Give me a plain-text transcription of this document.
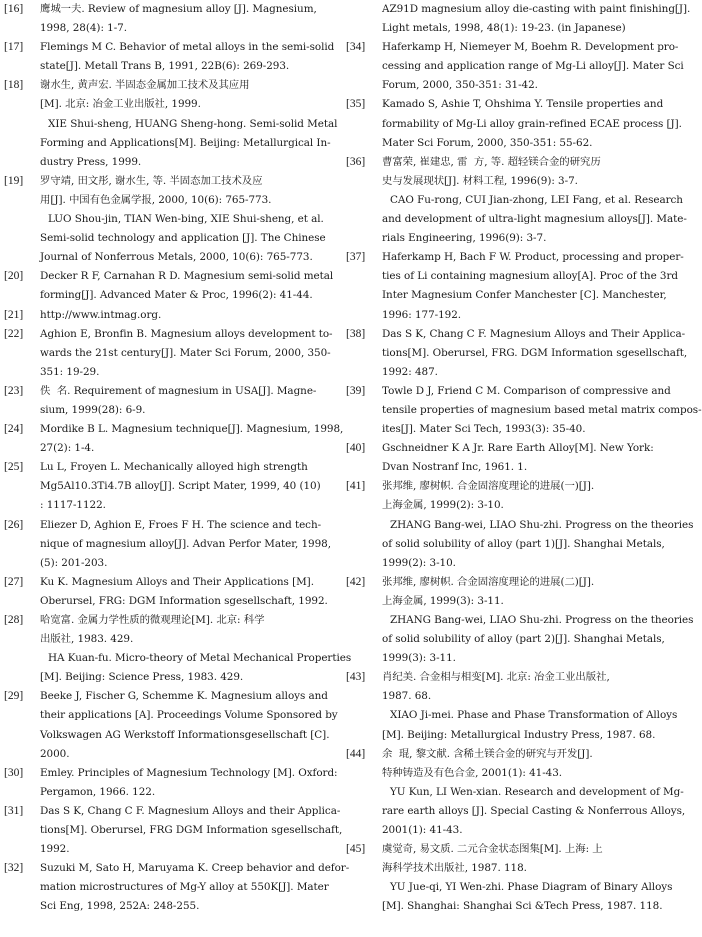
[16]	鹰城一夫. Review of magnesium alloy [J]. Magnesium,
1998, 28(4): 1-7.
[17]	Flemings M C. Behavior of metal alloys in the semi-solid
state[J]. Metall Trans B, 1991, 22B(6): 269-293.
[18]	谢水生, 黄声宏. 半固态金属加工技术及其应用
[M]. 北京: 冶金工业出版社, 1999.
XIE Shui-sheng, HUANG Sheng-hong. Semi-solid Metal
Forming and Applications[M]. Beijing: Metallurgical In-
dustry Press, 1999.
[19]	罗守靖, 田文彤, 谢水生, 等. 半固态加工技术及应
用[J]. 中国有色金属学报, 2000, 10(6): 765-773.
LUO Shou-jin, TIAN Wen-bing, XIE Shui-sheng, et al.
Semi-solid technology and application [J]. The Chinese
Journal of Nonferrous Metals, 2000, 10(6): 765-773.
[20]	Decker R F, Carnahan R D. Magnesium semi-solid metal
forming[J]. Advanced Mater & Proc, 1996(2): 41-44.
[21]	http://www.intmag.org.
[22]	Aghion E, Bronfin B. Magnesium alloys development to-
wards the 21st century[J]. Mater Sci Forum, 2000, 350-
351: 19-29.
[23]	佚  名. Requirement of magnesium in USA[J]. Magne-
sium, 1999(28): 6-9.
[24]	Mordike B L. Magnesium technique[J]. Magnesium, 1998,
27(2): 1-4.
[25]	Lu L, Froyen L. Mechanically alloyed high strength
Mg5Al10.3Ti4.7B alloy[J]. Script Mater, 1999, 40 (10)
: 1117-1122.
[26]	Eliezer D, Aghion E, Froes F H. The science and tech-
nique of magnesium alloy[J]. Advan Perfor Mater, 1998,
(5): 201-203.
[27]	Ku K. Magnesium Alloys and Their Applications [M].
Oberursel, FRG: DGM Information sgesellschaft, 1992.
[28]	哈宽富. 金属力学性质的微观理论[M]. 北京: 科学
出版社, 1983. 429.
HA Kuan-fu. Micro-theory of Metal Mechanical Properties
[M]. Beijing: Science Press, 1983. 429.
[29]	Beeke J, Fischer G, Schemme K. Magnesium alloys and
their applications [A]. Proceedings Volume Sponsored by
Volkswagen AG Werkstoff Informationsgesellschaft [C].
2000.
[30]	Emley. Principles of Magnesium Technology [M]. Oxford:
Pergamon, 1966. 122.
[31]	Das S K, Chang C F. Magnesium Alloys and their Applica-
tions[M]. Oberursel, FRG DGM Information sgesellschaft,
1992.
[32]	Suzuki M, Sato H, Maruyama K. Creep behavior and defor-
mation microstructures of Mg-Y alloy at 550K[J]. Mater
Sci Eng, 1998, 252A: 248-255.
AZ91D magnesium alloy die-casting with paint finishing[J].
Light metals, 1998, 48(1): 19-23. (in Japanese)
[34]	Haferkamp H, Niemeyer M, Boehm R. Development pro-
cessing and application range of Mg-Li alloy[J]. Mater Sci
Forum, 2000, 350-351: 31-42.
[35]	Kamado S, Ashie T, Ohshima Y. Tensile properties and
formability of Mg-Li alloy grain-refined ECAE process [J].
Mater Sci Forum, 2000, 350-351: 55-62.
[36]	曹富荣, 崔建忠, 雷  方, 等. 超轻镁合金的研究历
史与发展现状[J]. 材料工程, 1996(9): 3-7.
CAO Fu-rong, CUI Jian-zhong, LEI Fang, et al. Research
and development of ultra-light magnesium alloys[J]. Mate-
rials Engineering, 1996(9): 3-7.
[37]	Haferkamp H, Bach F W. Product, processing and proper-
ties of Li containing magnesium alloy[A]. Proc of the 3rd
Inter Magnesium Confer Manchester [C]. Manchester,
1996: 177-192.
[38]	Das S K, Chang C F. Magnesium Alloys and Their Applica-
tions[M]. Oberursel, FRG. DGM Information sgesellschaft,
1992: 487.
[39]	Towle D J, Friend C M. Comparison of compressive and
tensile properties of magnesium based metal matrix compos-
ites[J]. Mater Sci Tech, 1993(3): 35-40.
[40]	Gschneidner K A Jr. Rare Earth Alloy[M]. New York:
Dvan Nostranf Inc, 1961. 1.
[41]	张邦维, 廖树帜. 合金固溶度理论的进展(一)[J].
上海金属, 1999(2): 3-10.
ZHANG Bang-wei, LIAO Shu-zhi. Progress on the theories
of solid solubility of alloy (part 1)[J]. Shanghai Metals,
1999(2): 3-10.
[42]	张邦维, 廖树帜. 合金固溶度理论的进展(二)[J].
上海金属, 1999(3): 3-11.
ZHANG Bang-wei, LIAO Shu-zhi. Progress on the theories
of solid solubility of alloy (part 2)[J]. Shanghai Metals,
1999(3): 3-11.
[43]	肖纪美. 合金相与相变[M]. 北京: 冶金工业出版社,
1987. 68.
XIAO Ji-mei. Phase and Phase Transformation of Alloys
[M]. Beijing: Metallurgical Industry Press, 1987. 68.
[44]	余  琨, 黎文献. 含稀土镁合金的研究与开发[J].
特种铸造及有色合金, 2001(1): 41-43.
YU Kun, LI Wen-xian. Research and development of Mg-
rare earth alloys [J]. Special Casting & Nonferrous Alloys,
2001(1): 41-43.
[45]	虞觉奇, 易文质. 二元合金状态图集[M]. 上海: 上
海科学技术出版社, 1987. 118.
YU Jue-qi, YI Wen-zhi. Phase Diagram of Binary Alloys
[M]. Shanghai: Shanghai Sci &Tech Press, 1987. 118.
